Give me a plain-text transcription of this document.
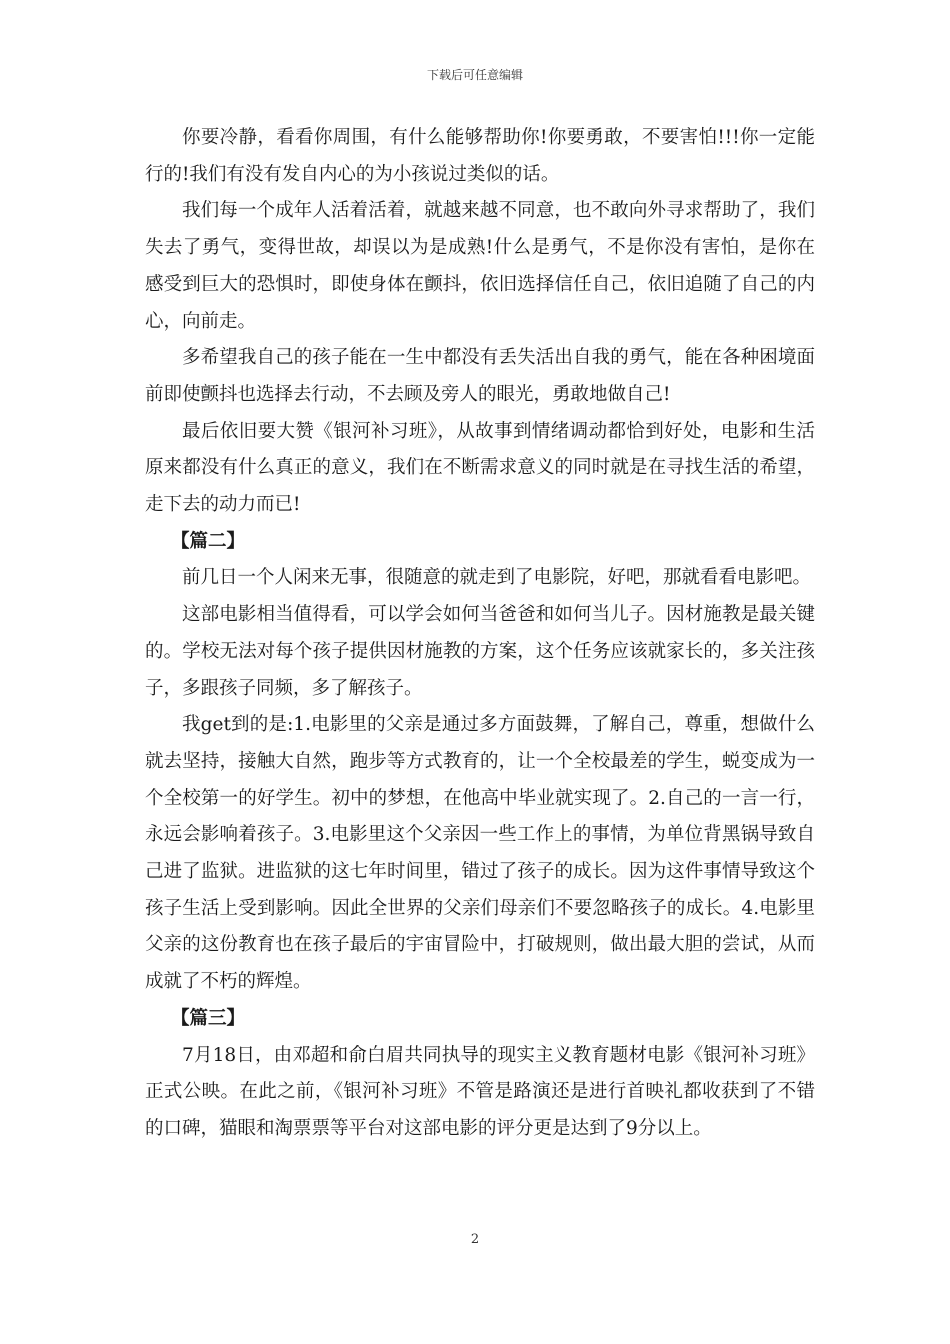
下载后可任意编辑

你要冷静，看看你周围，有什么能够帮助你!你要勇敢，不要害怕!!!你一定能行的!我们有没有发自内心的为小孩说过类似的话。

我们每一个成年人活着活着，就越来越不同意，也不敢向外寻求帮助了，我们失去了勇气，变得世故，却误以为是成熟!什么是勇气，不是你没有害怕，是你在感受到巨大的恐惧时，即使身体在颤抖，依旧选择信任自己，依旧追随了自己的内心，向前走。

多希望我自己的孩子能在一生中都没有丢失活出自我的勇气，能在各种困境面前即使颤抖也选择去行动，不去顾及旁人的眼光，勇敢地做自己!

最后依旧要大赞《银河补习班》，从故事到情绪调动都恰到好处，电影和生活原来都没有什么真正的意义，我们在不断需求意义的同时就是在寻找生活的希望，走下去的动力而已!

【篇二】

前几日一个人闲来无事，很随意的就走到了电影院，好吧，那就看看电影吧。

这部电影相当值得看，可以学会如何当爸爸和如何当儿子。因材施教是最关键的。学校无法对每个孩子提供因材施教的方案，这个任务应该就家长的，多关注孩子，多跟孩子同频，多了解孩子。

我get到的是:1.电影里的父亲是通过多方面鼓舞，了解自己，尊重，想做什么就去坚持，接触大自然，跑步等方式教育的，让一个全校最差的学生，蜕变成为一个全校第一的好学生。初中的梦想，在他高中毕业就实现了。2.自己的一言一行，永远会影响着孩子。3.电影里这个父亲因一些工作上的事情，为单位背黑锅导致自己进了监狱。进监狱的这七年时间里，错过了孩子的成长。因为这件事情导致这个孩子生活上受到影响。因此全世界的父亲们母亲们不要忽略孩子的成长。4.电影里父亲的这份教育也在孩子最后的宇宙冒险中，打破规则，做出最大胆的尝试，从而成就了不朽的辉煌。

【篇三】

7月18日，由邓超和俞白眉共同执导的现实主义教育题材电影《银河补习班》正式公映。在此之前，《银河补习班》不管是路演还是进行首映礼都收获到了不错的口碑，猫眼和淘票票等平台对这部电影的评分更是达到了9分以上。

2
